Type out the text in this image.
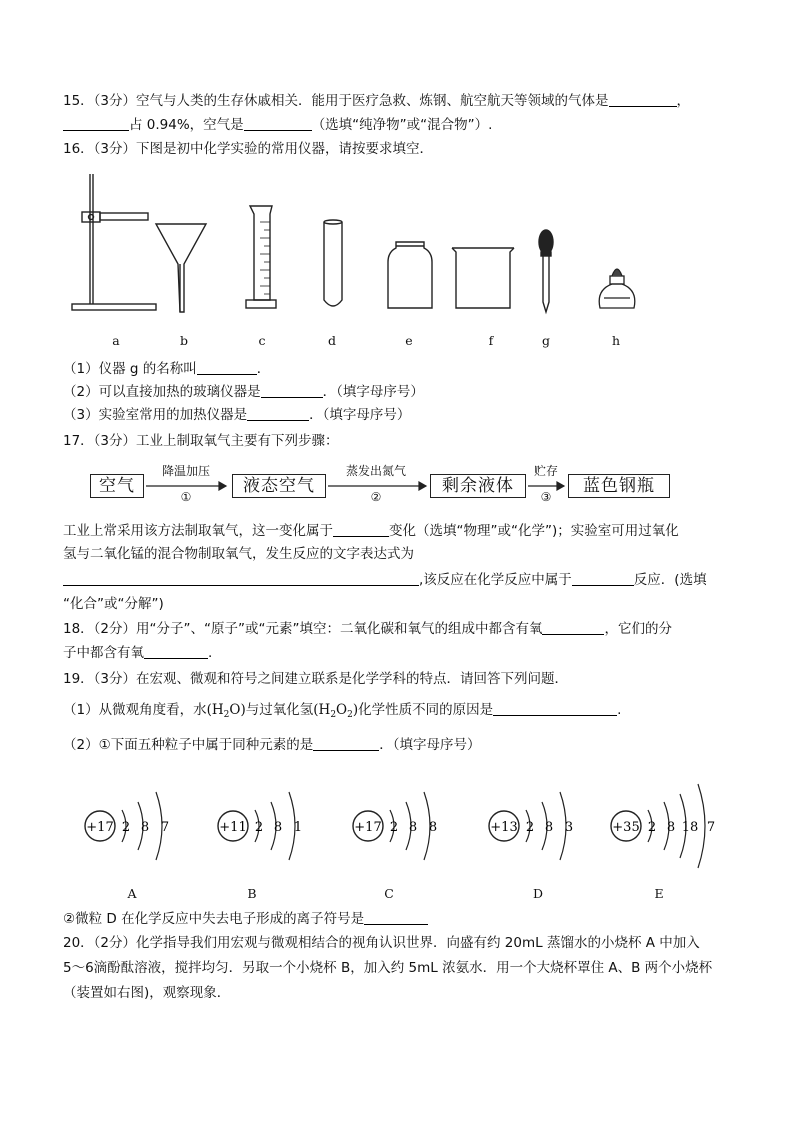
15．（3分）空气与人类的生存休戚相关．能用于医疗急救、炼钢、航空航天等领域的气体是	，
占 0.94%，空气是	（选填“纯净物”或“混合物”）.
16．（3分）下图是初中化学实验的常用仪器，请按要求填空．
a	b	c	d	e	f	g	h
（1）仪器 g 的名称叫	．
（2）可以直接加热的玻璃仪器是	．（填字母序号）
（3）实验室常用的加热仪器是	．（填字母序号）
17．（3分）工业上制取氧气主要有下列步骤：
空气
降温加压
①
液态空气
蒸发出氮气
②
剩余液体
贮存
③
蓝色钢瓶
工业上常采用该方法制取氧气，这一变化属于	变化（选填“物理”或“化学”)；实验室可用过氧化
氢与二氧化锰的混合物制取氧气，发生反应的文字表达式为
,该反应在化学反应中属于	反应．(选填
“化合”或“分解”)
18．（2分）用“分子”、“原子”或“元素”填空：二氧化碳和氧气的组成中都含有氧	，它们的分
子中都含有氧	.
19．（3分）在宏观、微观和符号之间建立联系是化学学科的特点．请回答下列问题．
（1）从微观角度看，水$(H_2O)$与过氧化氢$(H_2O_2)$化学性质不同的原因是	.
（2）①下面五种粒子中属于同种元素的是	．（填字母序号）
+17 2 8 7	+11 2 8 1	+17 2 8 8	+13 2 8 3	+35 2 8 18 7
A	B	C	D	E
②微粒 D 在化学反应中失去电子形成的离子符号是
20．（2分）化学指导我们用宏观与微观相结合的视角认识世界．向盛有约 20mL 蒸馏水的小烧杯 A 中加入
5～6滴酚酞溶液，搅拌均匀．另取一个小烧杯 B，加入约 5mL 浓氨水．用一个大烧杯罩住 A、B 两个小烧杯
（装置如右图)，观察现象．
